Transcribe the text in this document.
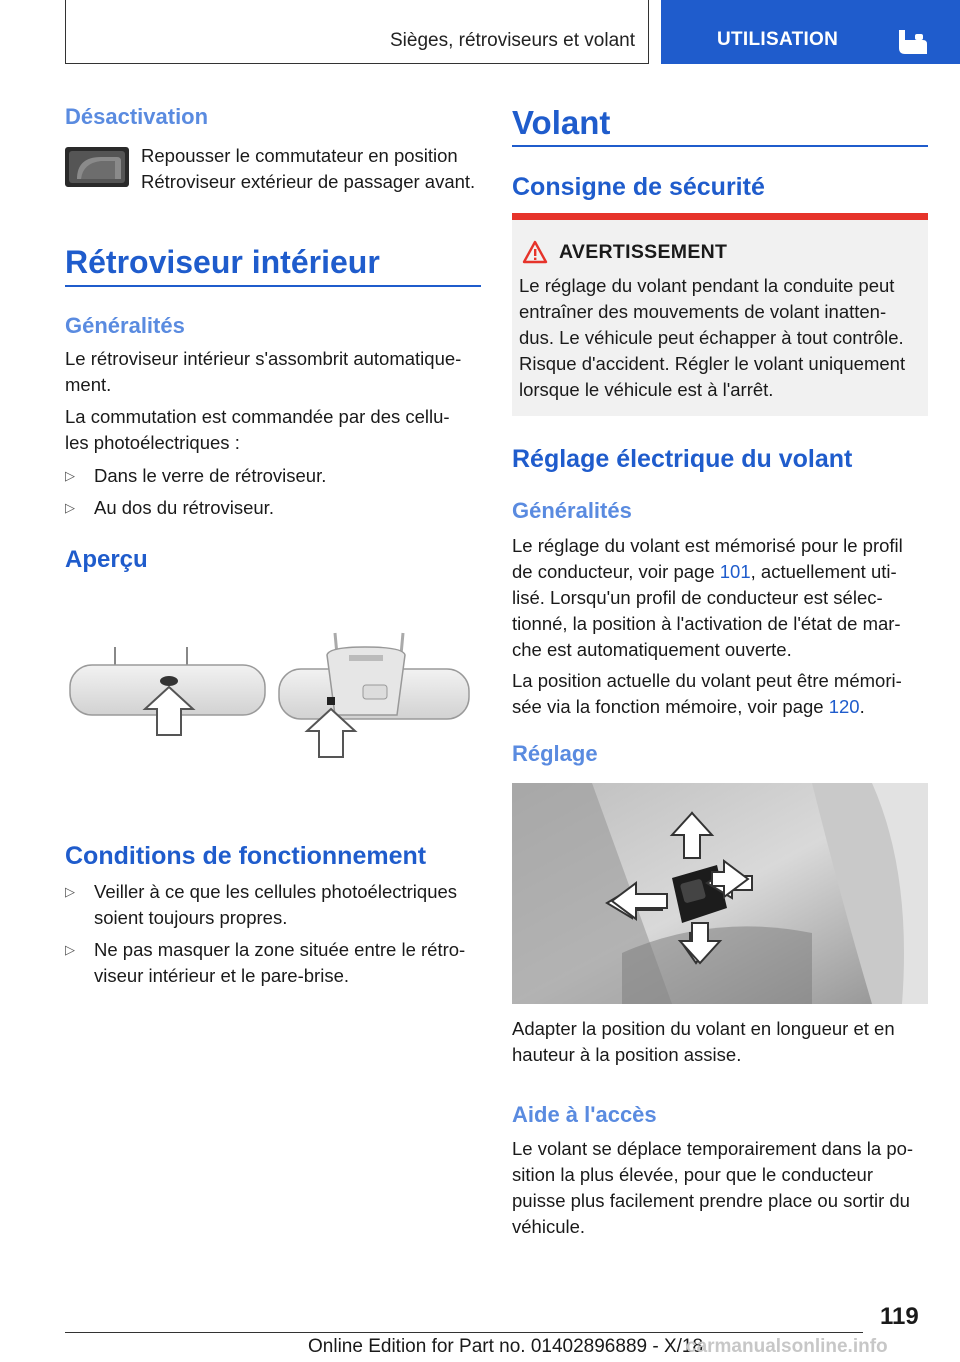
Sièges, rétroviseurs et volant	UTILISATION
Désactivation
Repousser le commutateur en position
Rétroviseur extérieur de passager avant.
Rétroviseur intérieur
Généralités
Le rétroviseur intérieur s'assombrit automatique‐
ment.
La commutation est commandée par des cellu‐
les photoélectriques :
▷ Dans le verre de rétroviseur.
▷ Au dos du rétroviseur.
Aperçu
Conditions de fonctionnement
▷ Veiller à ce que les cellules photoélectriques
soient toujours propres.
▷ Ne pas masquer la zone située entre le rétro‐
viseur intérieur et le pare-brise.
Volant
Consigne de sécurité
AVERTISSEMENT
Le réglage du volant pendant la conduite peut
entraîner des mouvements de volant inatten‐
dus. Le véhicule peut échapper à tout contrôle.
Risque d'accident. Régler le volant uniquement
lorsque le véhicule est à l'arrêt.
Réglage électrique du volant
Généralités
Le réglage du volant est mémorisé pour le profil
de conducteur, voir page 101, actuellement uti‐
lisé. Lorsqu'un profil de conducteur est sélec‐
tionné, la position à l'activation de l'état de mar‐
che est automatiquement ouverte.
La position actuelle du volant peut être mémori‐
sée via la fonction mémoire, voir page 120.
Réglage
Adapter la position du volant en longueur et en
hauteur à la position assise.
Aide à l'accès
Le volant se déplace temporairement dans la po‐
sition la plus élevée, pour que le conducteur
puisse plus facilement prendre place ou sortir du
véhicule.
119
Online Edition for Part no. 01402896889 - X/18
carmanualsonline.info
